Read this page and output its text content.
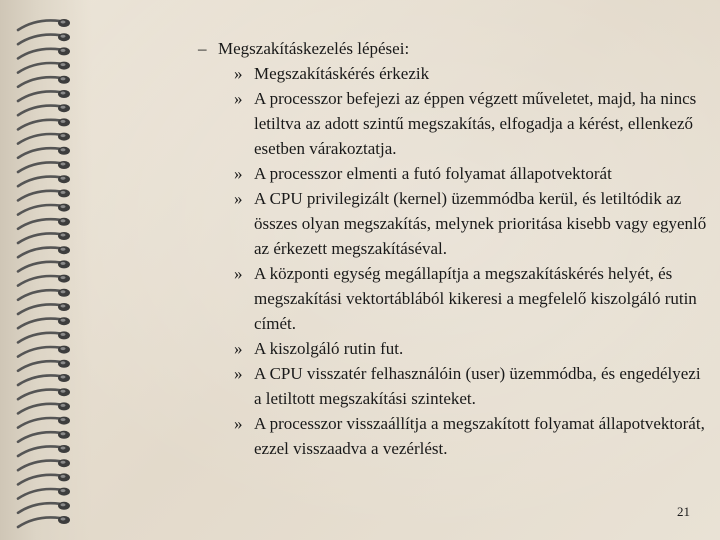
– Megszakításkezelés lépései:
» Megszakításkérés érkezik
» A processzor befejezi az éppen végzett műveletet, majd, ha nincs letiltva az adott szintű megszakítás, elfogadja a kérést, ellenkező esetben várakoztatja.
» A processzor elmenti a futó folyamat állapotvektorát
» A CPU privilegizált (kernel) üzemmódba kerül, és letiltódik az összes olyan megszakítás, melynek prioritása kisebb vagy egyenlő az érkezett megszakításéval.
» A központi egység megállapítja a megszakításkérés helyét, és megszakítási vektortáblából kikeresi a megfelelő kiszolgáló rutin címét.
» A kiszolgáló rutin fut.
» A CPU visszatér felhasználóin (user) üzemmódba, és engedélyezi a letiltott megszakítási szinteket.
» A processzor visszaállítja a megszakított folyamat állapotvektorát, ezzel visszaadva a vezérlést.
21
